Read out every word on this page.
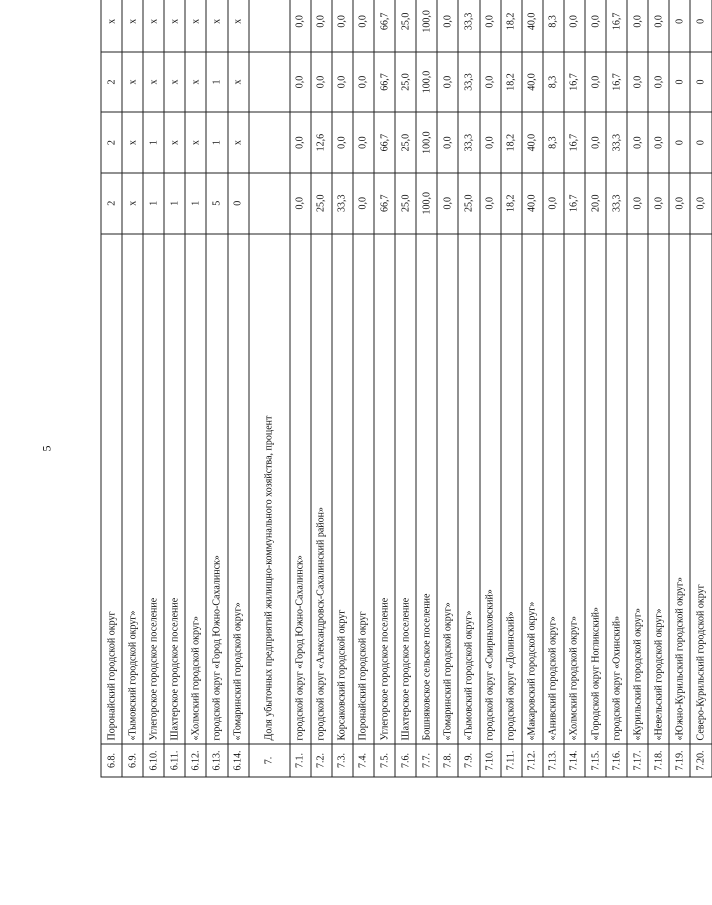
5
6.8.	Поронайский городской округ	2	2	2	x
6.9.	«Тымовский городской округ»	x	x	x	x
6.10.	Углегорское городское поселение	1	1	x	x
6.11.	Шахтерское городское поселение	1	x	x	x
6.12.	«Холмский городской округ»	1	x	x	x
6.13.	городской округ «Город Южно-Сахалинск»	5	1	1	x
6.14.	«Томаринский городской округ»	0	x	x	x
7.	Доля убыточных предприятий жилищно-коммунального хозяйства, процент				
7.1.	городской округ «Город Южно-Сахалинск»	0,0	0,0	0,0	0,0
7.2.	городской округ «Александровск-Сахалинский район»	25,0	12,6	0,0	0,0
7.3.	Корсаковский городской округ	33,3	0,0	0,0	0,0
7.4.	Поронайский городской округ	0,0	0,0	0,0	0,0
7.5.	Углегорское городское поселение	66,7	66,7	66,7	66,7
7.6.	Шахтерское городское поселение	25,0	25,0	25,0	25,0
7.7.	Бошняковское сельское поселение	100,0	100,0	100,0	100,0
7.8.	«Томаринский городской округ»	0,0	0,0	0,0	0,0
7.9.	«Тымовский городской округ»	25,0	33,3	33,3	33,3
7.10.	городской округ «Смирныховский»	0,0	0,0	0,0	0,0
7.11.	городской округ «Долинский»	18,2	18,2	18,2	18,2
7.12.	«Макаровский городской округ»	40,0	40,0	40,0	40,0
7.13.	«Анивский городской округ»	0,0	8,3	8,3	8,3
7.14.	«Холмский городской округ»	16,7	16,7	16,7	0,0
7.15.	«Городской округ Ногликский»	20,0	0,0	0,0	0,0
7.16.	городской округ «Охинский»	33,3	33,3	16,7	16,7
7.17.	«Курильский городской округ»	0,0	0,0	0,0	0,0
7.18.	«Невельский городской округ»	0,0	0,0	0,0	0,0
7.19.	«Южно-Курильский городской округ»	0,0	0	0	0
7.20.	Северо-Курильский городской округ	0,0	0	0	0
